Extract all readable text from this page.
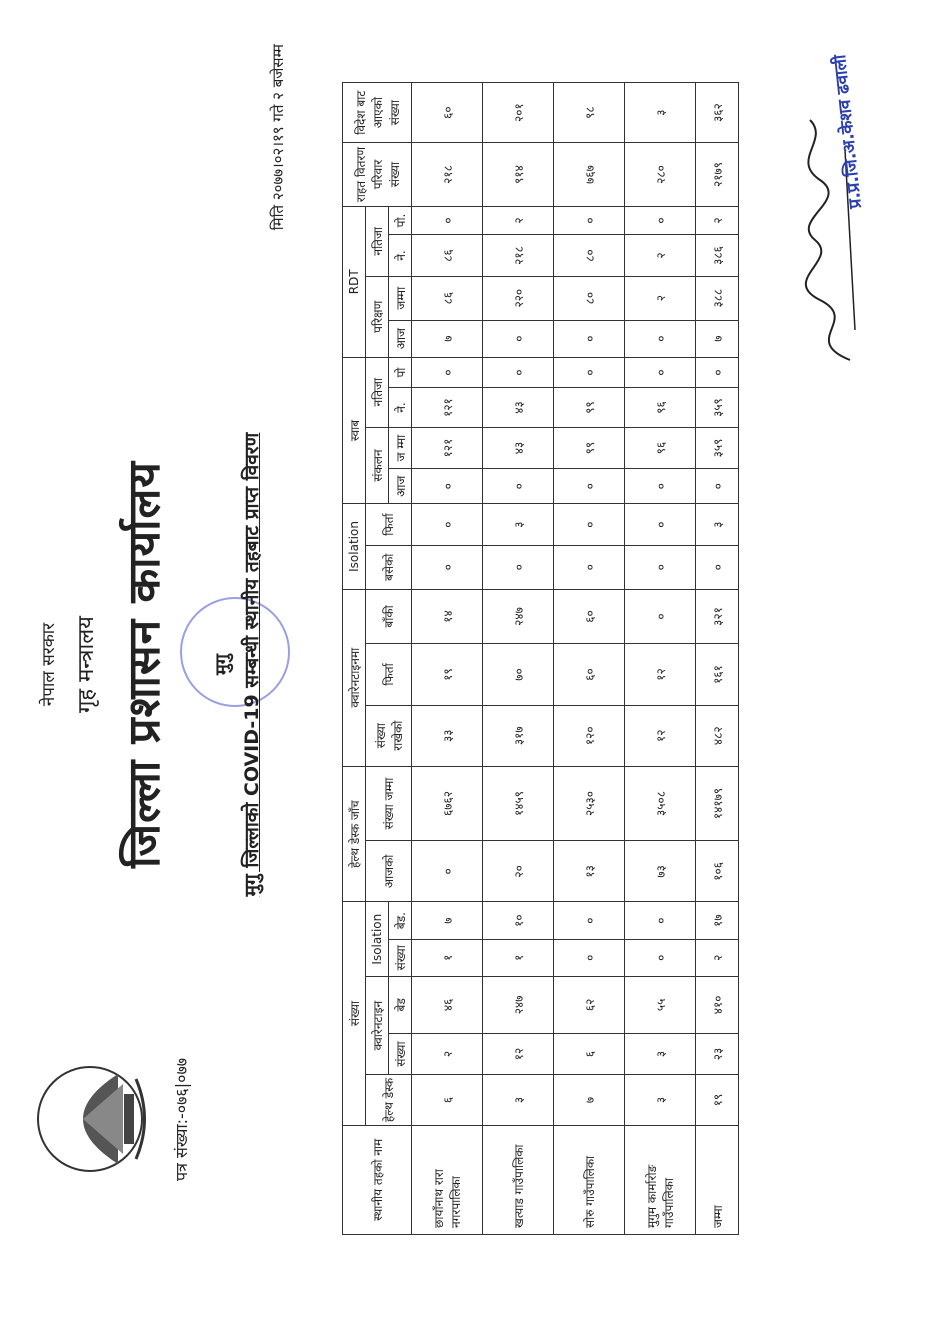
नेपाल सरकार गृह मन्त्रालय जिल्ला प्रशासन कार्यालय
पत्र संख्या:-०७६|०७७
मुगु मुगु जिल्लाको COVID-19 सम्बन्धी स्थानीय तहबाट प्राप्त विवरण
मिति २०७७।०२।१९ गते २ बजेसम्म
स्थानीय तहको नाम	संख्या					हेल्थ डेस्क जाँच		क्वारेनटाइनमा			Isolation		स्वाब				RDT				राहत वितरण परिवार संख्या	विदेश बाट आएको संख्या
	हेल्थ डेस्क	क्वारेनटाइन		Isolation		आजको	संख्या जम्मा	संख्या राखेको	फिर्ता	बाँकी	बसेको	फिर्ता	संकलन		नतिजा		परिक्षण		नतिजा			
		संख्या	बेड	संख्या	बेड.								आज	ज म्मा	ने.	पो	आज	जम्मा	ने.	पो.		

छायाँनाथ रारा नगरपालिका	६	२	४६	१	७	०	६७६२	३३	१९	१४	०	०	०	१२१	१२१	०	७	८६	८६	०	२१८	६०
खत्याड गाउँपालिका	३	१२	२४७	१	१०	२०	१४५९	३१७	७०	२४७	०	३	०	४३	४३	०	०	२२०	२१८	२	९१४	२०१
सोरु गाउँपालिका	७	६	६२	०	०	१३	२५३०	१२०	६०	६०	०	०	०	९९	९९	०	०	८०	८०	०	७६७	९८
मुगुम कार्मारोङ गाउँपालिका	३	३	५५	०	०	७३	३५०८	१२	१२	०	०	०	०	९६	९६	०	०	२	२	०	२८०	३
जम्मा	१९	२३	४१०	२	१७	१०६	१४१७९	४८२	१६१	३२१	०	३	०	३५९	३५९	०	७	३८८	३८६	२	२१७९	३६२	प्र.प्र.जि.अ.केशव ढवाली
